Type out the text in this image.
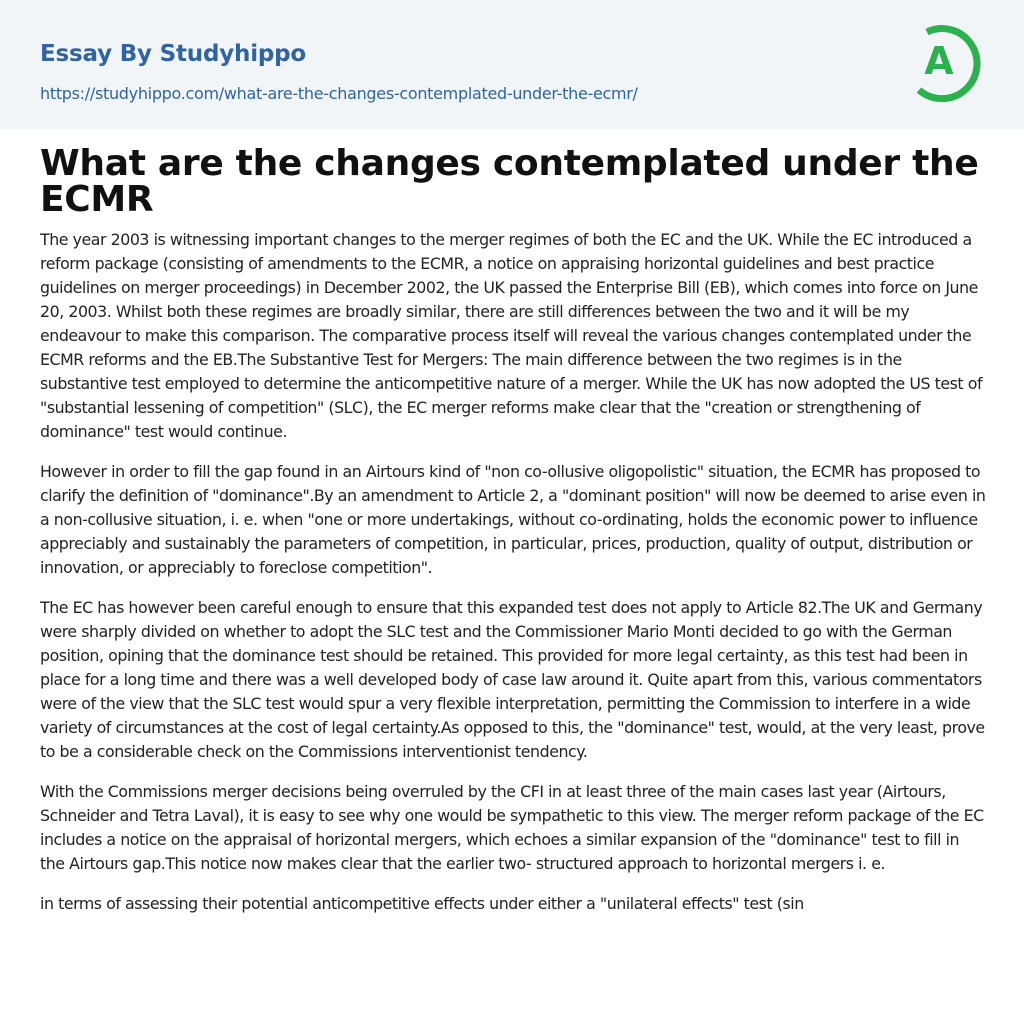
Essay By Studyhippo
https://studyhippo.com/what-are-the-changes-contemplated-under-the-ecmr/
A
What are the changes contemplated under the ECMR

The year 2003 is witnessing important changes to the merger regimes of both the EC and the UK. While the EC introduced a reform package (consisting of amendments to the ECMR, a notice on appraising horizontal guidelines and best practice guidelines on merger proceedings) in December 2002, the UK passed the Enterprise Bill (EB), which comes into force on June 20, 2003. Whilst both these regimes are broadly similar, there are still differences between the two and it will be my endeavour to make this comparison. The comparative process itself will reveal the various changes contemplated under the ECMR reforms and the EB.The Substantive Test for Mergers: The main difference between the two regimes is in the substantive test employed to determine the anticompetitive nature of a merger. While the UK has now adopted the US test of "substantial lessening of competition" (SLC), the EC merger reforms make clear that the "creation or strengthening of dominance" test would continue.

However in order to fill the gap found in an Airtours kind of "non co-ollusive oligopolistic" situation, the ECMR has proposed to clarify the definition of "dominance".By an amendment to Article 2, a "dominant position" will now be deemed to arise even in a non-collusive situation, i. e. when "one or more undertakings, without co-ordinating, holds the economic power to influence appreciably and sustainably the parameters of competition, in particular, prices, production, quality of output, distribution or innovation, or appreciably to foreclose competition".

The EC has however been careful enough to ensure that this expanded test does not apply to Article 82.The UK and Germany were sharply divided on whether to adopt the SLC test and the Commissioner Mario Monti decided to go with the German position, opining that the dominance test should be retained. This provided for more legal certainty, as this test had been in place for a long time and there was a well developed body of case law around it. Quite apart from this, various commentators were of the view that the SLC test would spur a very flexible interpretation, permitting the Commission to interfere in a wide variety of circumstances at the cost of legal certainty.As opposed to this, the "dominance" test, would, at the very least, prove to be a considerable check on the Commissions interventionist tendency.

With the Commissions merger decisions being overruled by the CFI in at least three of the main cases last year (Airtours, Schneider and Tetra Laval), it is easy to see why one would be sympathetic to this view. The merger reform package of the EC includes a notice on the appraisal of horizontal mergers, which echoes a similar expansion of the "dominance" test to fill in the Airtours gap.This notice now makes clear that the earlier two- structured approach to horizontal mergers i. e.

in terms of assessing their potential anticompetitive effects under either a "unilateral effects" test (sin
